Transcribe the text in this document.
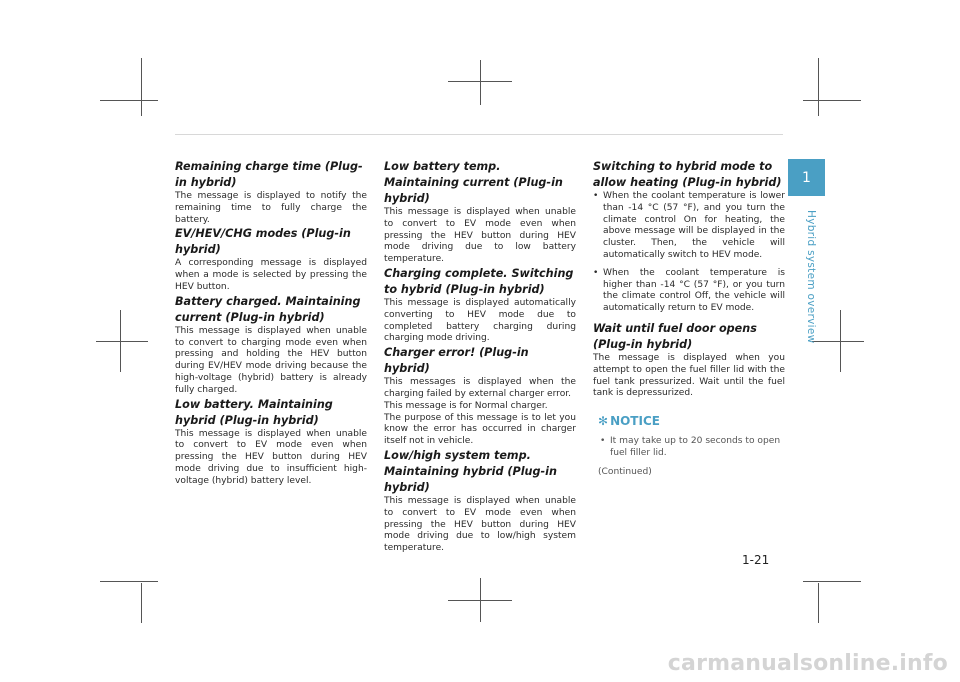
Remaining charge time (Plug-in hybrid)

The message is displayed to notify the remaining time to fully charge the battery.

EV/HEV/CHG modes (Plug-in hybrid)

A corresponding message is displayed when a mode is selected by pressing the HEV button.

Battery charged. Maintaining current (Plug-in hybrid)

This message is displayed when unable to convert to charging mode even when pressing and holding the HEV button during EV/HEV mode driving because the high-voltage (hybrid) battery is already fully charged.

Low battery. Maintaining hybrid (Plug-in hybrid)

This message is displayed when unable to convert to EV mode even when pressing the HEV button during HEV mode driving due to insufficient high-voltage (hybrid) battery level.

Low battery temp. Maintaining current (Plug-in hybrid)

This message is displayed when unable to convert to EV mode even when pressing the HEV button during HEV mode driving due to low battery temperature.

Charging complete. Switching to hybrid (Plug-in hybrid)

This message is displayed automatically converting to HEV mode due to completed battery charging during charging mode driving.

Charger error! (Plug-in hybrid)

This messages is displayed when the charging failed by external charger error.

This message is for Normal charger.

The purpose of this message is to let you know the error has occurred in charger itself not in vehicle.

Low/high system temp. Maintaining hybrid (Plug-in hybrid)

This message is displayed when unable to convert to EV mode even when pressing the HEV button during HEV mode driving due to low/high system temperature.

Switching to hybrid mode to allow heating (Plug-in hybrid)

• When the coolant temperature is lower than -14 °C (57 °F), and you turn the climate control On for heating, the above message will be displayed in the cluster. Then, the vehicle will automatically switch to HEV mode.
• When the coolant temperature is higher than -14 °C (57 °F), or you turn the climate control Off, the vehicle will automatically return to EV mode.

Wait until fuel door opens (Plug-in hybrid)

The message is displayed when you attempt to open the fuel filler lid with the fuel tank pressurized. Wait until the fuel tank is depressurized.

✻ NOTICE
• It may take up to 20 seconds to open fuel filler lid.
(Continued)
1
Hybrid system overview
1-21
carmanualsonline.info
